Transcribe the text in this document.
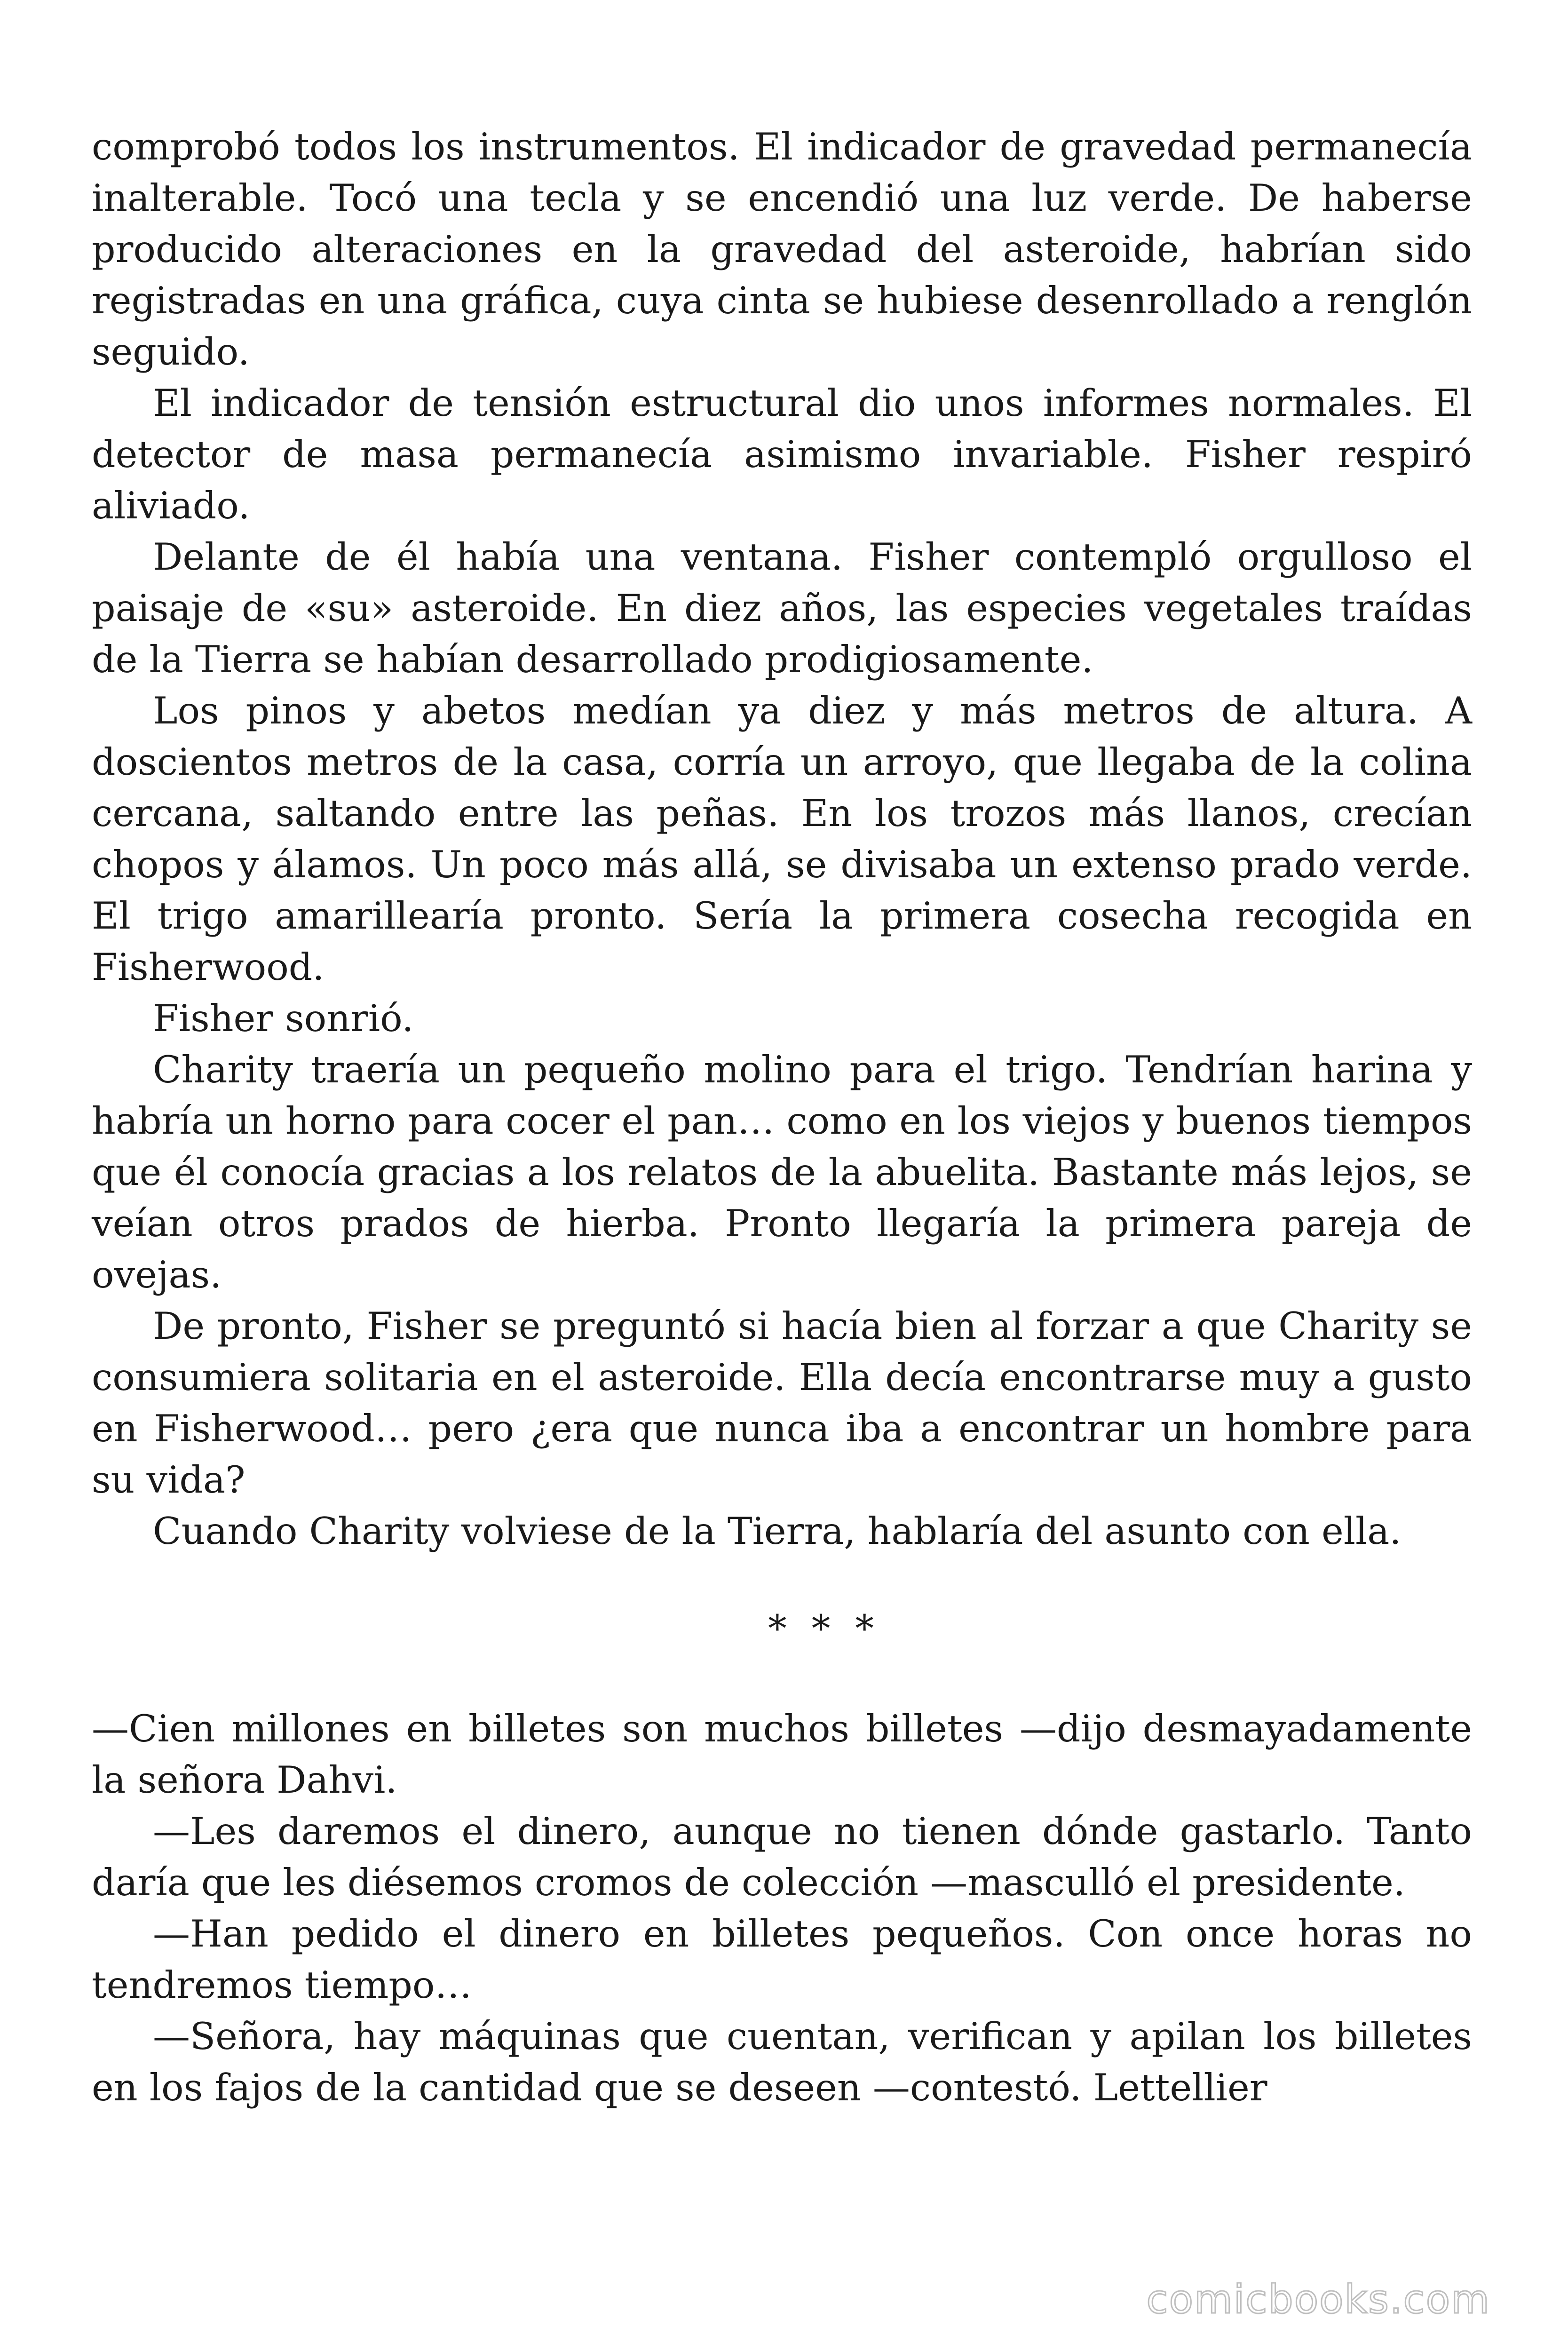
comprobó todos los instrumentos. El indicador de gravedad permanecía inalterable. Tocó una tecla y se encendió una luz verde. De haberse producido alteraciones en la gravedad del asteroide, habrían sido registradas en una gráfica, cuya cinta se hubiese desenrollado a renglón seguido.

El indicador de tensión estructural dio unos informes normales. El detector de masa permanecía asimismo invariable. Fisher respiró aliviado.

Delante de él había una ventana. Fisher contempló orgulloso el paisaje de «su» asteroide. En diez años, las especies vegetales traídas de la Tierra se habían desarrollado prodigiosamente.

Los pinos y abetos medían ya diez y más metros de altura. A doscientos metros de la casa, corría un arroyo, que llegaba de la colina cercana, saltando entre las peñas. En los trozos más llanos, crecían chopos y álamos. Un poco más allá, se divisaba un extenso prado verde. El trigo amarillearía pronto. Sería la primera cosecha recogida en Fisherwood.

Fisher sonrió.

Charity traería un pequeño molino para el trigo. Tendrían harina y habría un horno para cocer el pan… como en los viejos y buenos tiempos que él conocía gracias a los relatos de la abuelita. Bastante más lejos, se veían otros prados de hierba. Pronto llegaría la primera pareja de ovejas.

De pronto, Fisher se preguntó si hacía bien al forzar a que Charity se consumiera solitaria en el asteroide. Ella decía encontrarse muy a gusto en Fisherwood… pero ¿era que nunca iba a encontrar un hombre para su vida?

Cuando Charity volviese de la Tierra, hablaría del asunto con ella.

* * *

—Cien millones en billetes son muchos billetes —dijo desmayadamente la señora Dahvi.

—Les daremos el dinero, aunque no tienen dónde gastarlo. Tanto daría que les diésemos cromos de colección —masculló el presidente.

—Han pedido el dinero en billetes pequeños. Con once horas no tendremos tiempo…

—Señora, hay máquinas que cuentan, verifican y apilan los billetes en los fajos de la cantidad que se deseen —contestó. Lettellier

comicbooks.com
